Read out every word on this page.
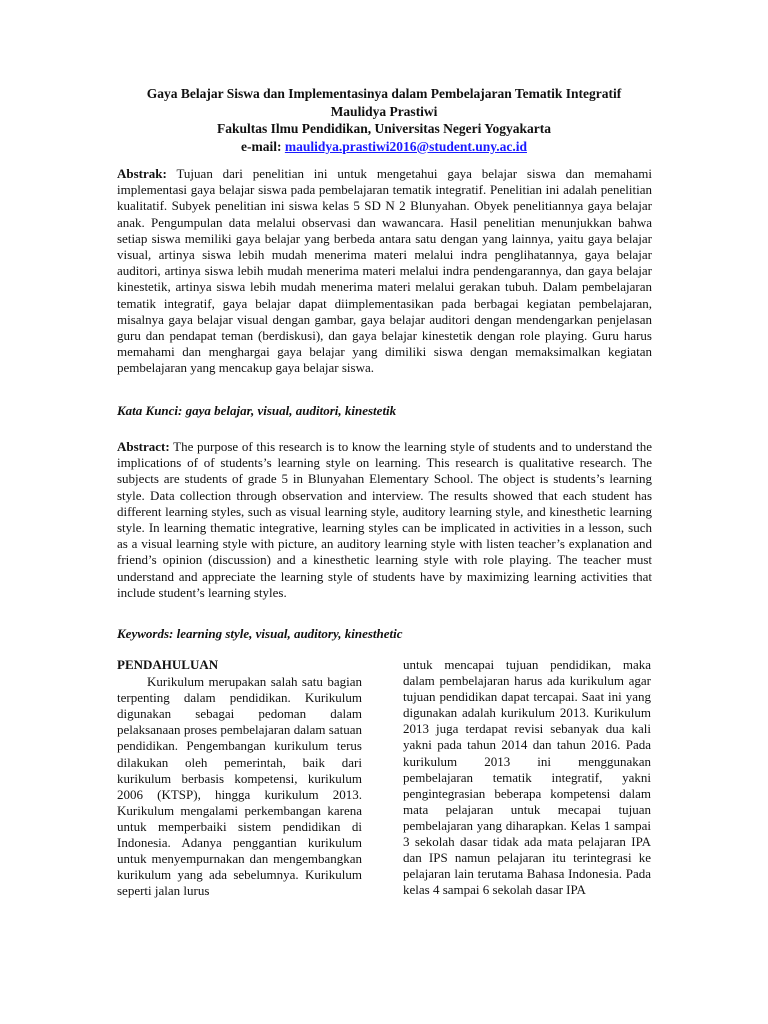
Gaya Belajar Siswa dan Implementasinya dalam Pembelajaran Tematik Integratif
Maulidya Prastiwi
Fakultas Ilmu Pendidikan, Universitas Negeri Yogyakarta
e-mail: maulidya.prastiwi2016@student.uny.ac.id

Abstrak: Tujuan dari penelitian ini untuk mengetahui gaya belajar siswa dan memahami implementasi gaya belajar siswa pada pembelajaran tematik integratif. Penelitian ini adalah penelitian kualitatif. Subyek penelitian ini siswa kelas 5 SD N 2 Blunyahan. Obyek penelitiannya gaya belajar anak. Pengumpulan data melalui observasi dan wawancara. Hasil penelitian menunjukkan bahwa setiap siswa memiliki gaya belajar yang berbeda antara satu dengan yang lainnya, yaitu gaya belajar visual, artinya siswa lebih mudah menerima materi melalui indra penglihatannya, gaya belajar auditori, artinya siswa lebih mudah menerima materi melalui indra pendengarannya, dan gaya belajar kinestetik, artinya siswa lebih mudah menerima materi melalui gerakan tubuh. Dalam pembelajaran tematik integratif, gaya belajar dapat diimplementasikan pada berbagai kegiatan pembelajaran, misalnya gaya belajar visual dengan gambar, gaya belajar auditori dengan mendengarkan penjelasan guru dan pendapat teman (berdiskusi), dan gaya belajar kinestetik dengan role playing. Guru harus memahami dan menghargai gaya belajar yang dimiliki siswa dengan memaksimalkan kegiatan pembelajaran yang mencakup gaya belajar siswa.

Kata Kunci: gaya belajar, visual, auditori, kinestetik

Abstract: The purpose of this research is to know the learning style of students and to understand the implications of of students’s learning style on learning. This research is qualitative research. The subjects are students of grade 5 in Blunyahan Elementary School. The object is students’s learning style. Data collection through observation and interview. The results showed that each student has different learning styles, such as visual learning style, auditory learning style, and kinesthetic learning style. In learning thematic integrative, learning styles can be implicated in activities in a lesson, such as a visual learning style with picture, an auditory learning style with listen teacher’s explanation and friend’s opinion (discussion) and a kinesthetic learning style with role playing. The teacher must understand and appreciate the learning style of students have by maximizing learning activities that include student’s learning styles.

Keywords: learning style, visual, auditory, kinesthetic
PENDAHULUAN

Kurikulum merupakan salah satu bagian terpenting dalam pendidikan. Kurikulum digunakan sebagai pedoman dalam pelaksanaan proses pembelajaran dalam satuan pendidikan. Pengembangan kurikulum terus dilakukan oleh pemerintah, baik dari kurikulum berbasis kompetensi, kurikulum 2006 (KTSP), hingga kurikulum 2013. Kurikulum mengalami perkembangan karena untuk memperbaiki sistem pendidikan di Indonesia. Adanya penggantian kurikulum untuk menyempurnakan dan mengembangkan kurikulum yang ada sebelumnya. Kurikulum seperti jalan lurus

untuk mencapai tujuan pendidikan, maka dalam pembelajaran harus ada kurikulum agar tujuan pendidikan dapat tercapai. Saat ini yang digunakan adalah kurikulum 2013. Kurikulum 2013 juga terdapat revisi sebanyak dua kali yakni pada tahun 2014 dan tahun 2016. Pada kurikulum 2013 ini menggunakan pembelajaran tematik integratif, yakni pengintegrasian beberapa kompetensi dalam mata pelajaran untuk mecapai tujuan pembelajaran yang diharapkan. Kelas 1 sampai 3 sekolah dasar tidak ada mata pelajaran IPA dan IPS namun pelajaran itu terintegrasi ke pelajaran lain terutama Bahasa Indonesia. Pada kelas 4 sampai 6 sekolah dasar IPA
